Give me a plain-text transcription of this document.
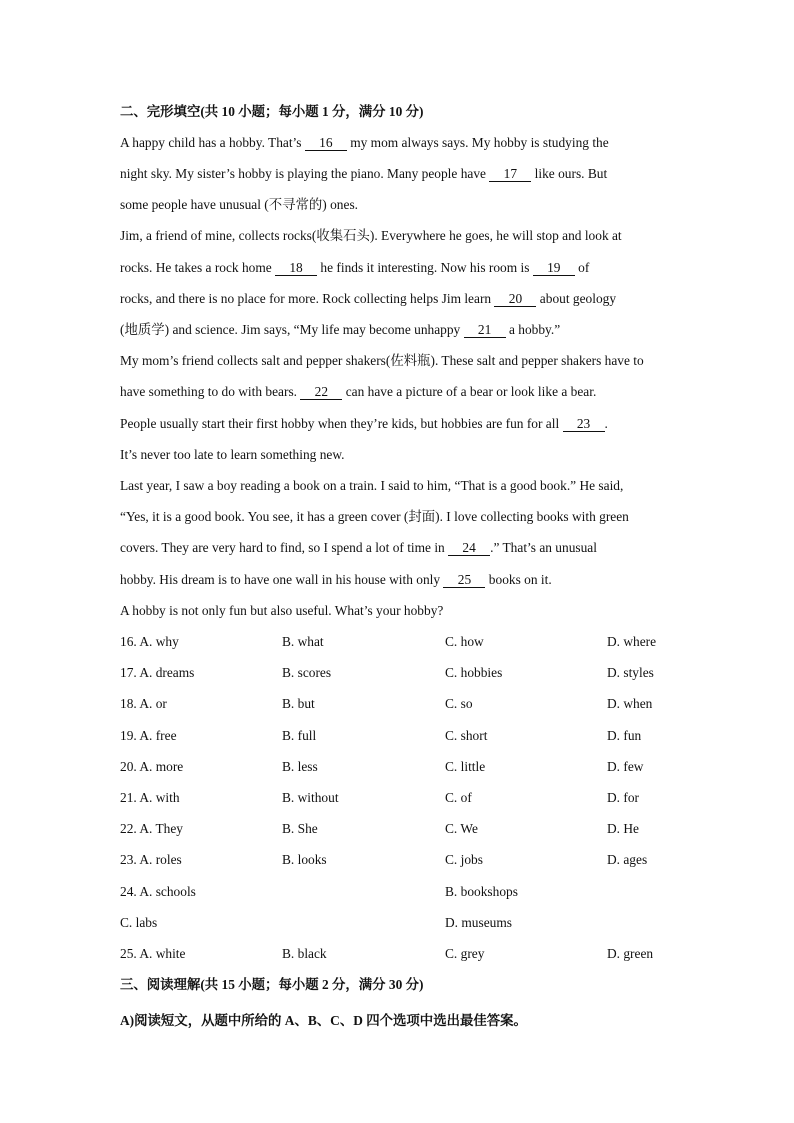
二、完形填空(共 10 小题；每小题 1 分，满分 10 分)
A happy child has a hobby. That’s 16 my mom always says. My hobby is studying the
night sky. My sister’s hobby is playing the piano. Many people have 17 like ours. But
some people have unusual (不寻常的) ones.
Jim, a friend of mine, collects rocks(收集石头). Everywhere he goes, he will stop and look at
rocks. He takes a rock home 18 he finds it interesting. Now his room is 19 of
rocks, and there is no place for more. Rock collecting helps Jim learn 20 about geology
(地质学) and science. Jim says, “My life may become unhappy 21 a hobby.”
My mom’s friend collects salt and pepper shakers(佐料瓶). These salt and pepper shakers have to
have something to do with bears. 22 can have a picture of a bear or look like a bear.
People usually start their first hobby when they’re kids, but hobbies are fun for all 23 .
It’s never too late to learn something new.
Last year, I saw a boy reading a book on a train. I said to him, “That is a good book.” He said,
“Yes, it is a good book. You see, it has a green cover (封面). I love collecting books with green
covers. They are very hard to find, so I spend a lot of time in 24 .” That’s an unusual
hobby. His dream is to have one wall in his house with only 25 books on it.
A hobby is not only fun but also useful. What’s your hobby?
16. A. why	B. what	C. how	D. where
17. A. dreams	B. scores	C. hobbies	D. styles
18. A. or	B. but	C. so	D. when
19. A. free	B. full	C. short	D. fun
20. A. more	B. less	C. little	D. few
21. A. with	B. without	C. of	D. for
22. A. They	B. She	C. We	D. He
23. A. roles	B. looks	C. jobs	D. ages
24. A. schools	B. bookshops
C. labs	D. museums
25. A. white	B. black	C. grey	D. green
三、阅读理解(共 15 小题；每小题 2 分，满分 30 分)
A)阅读短文，从题中所给的 A、B、C、D 四个选项中选出最佳答案。
